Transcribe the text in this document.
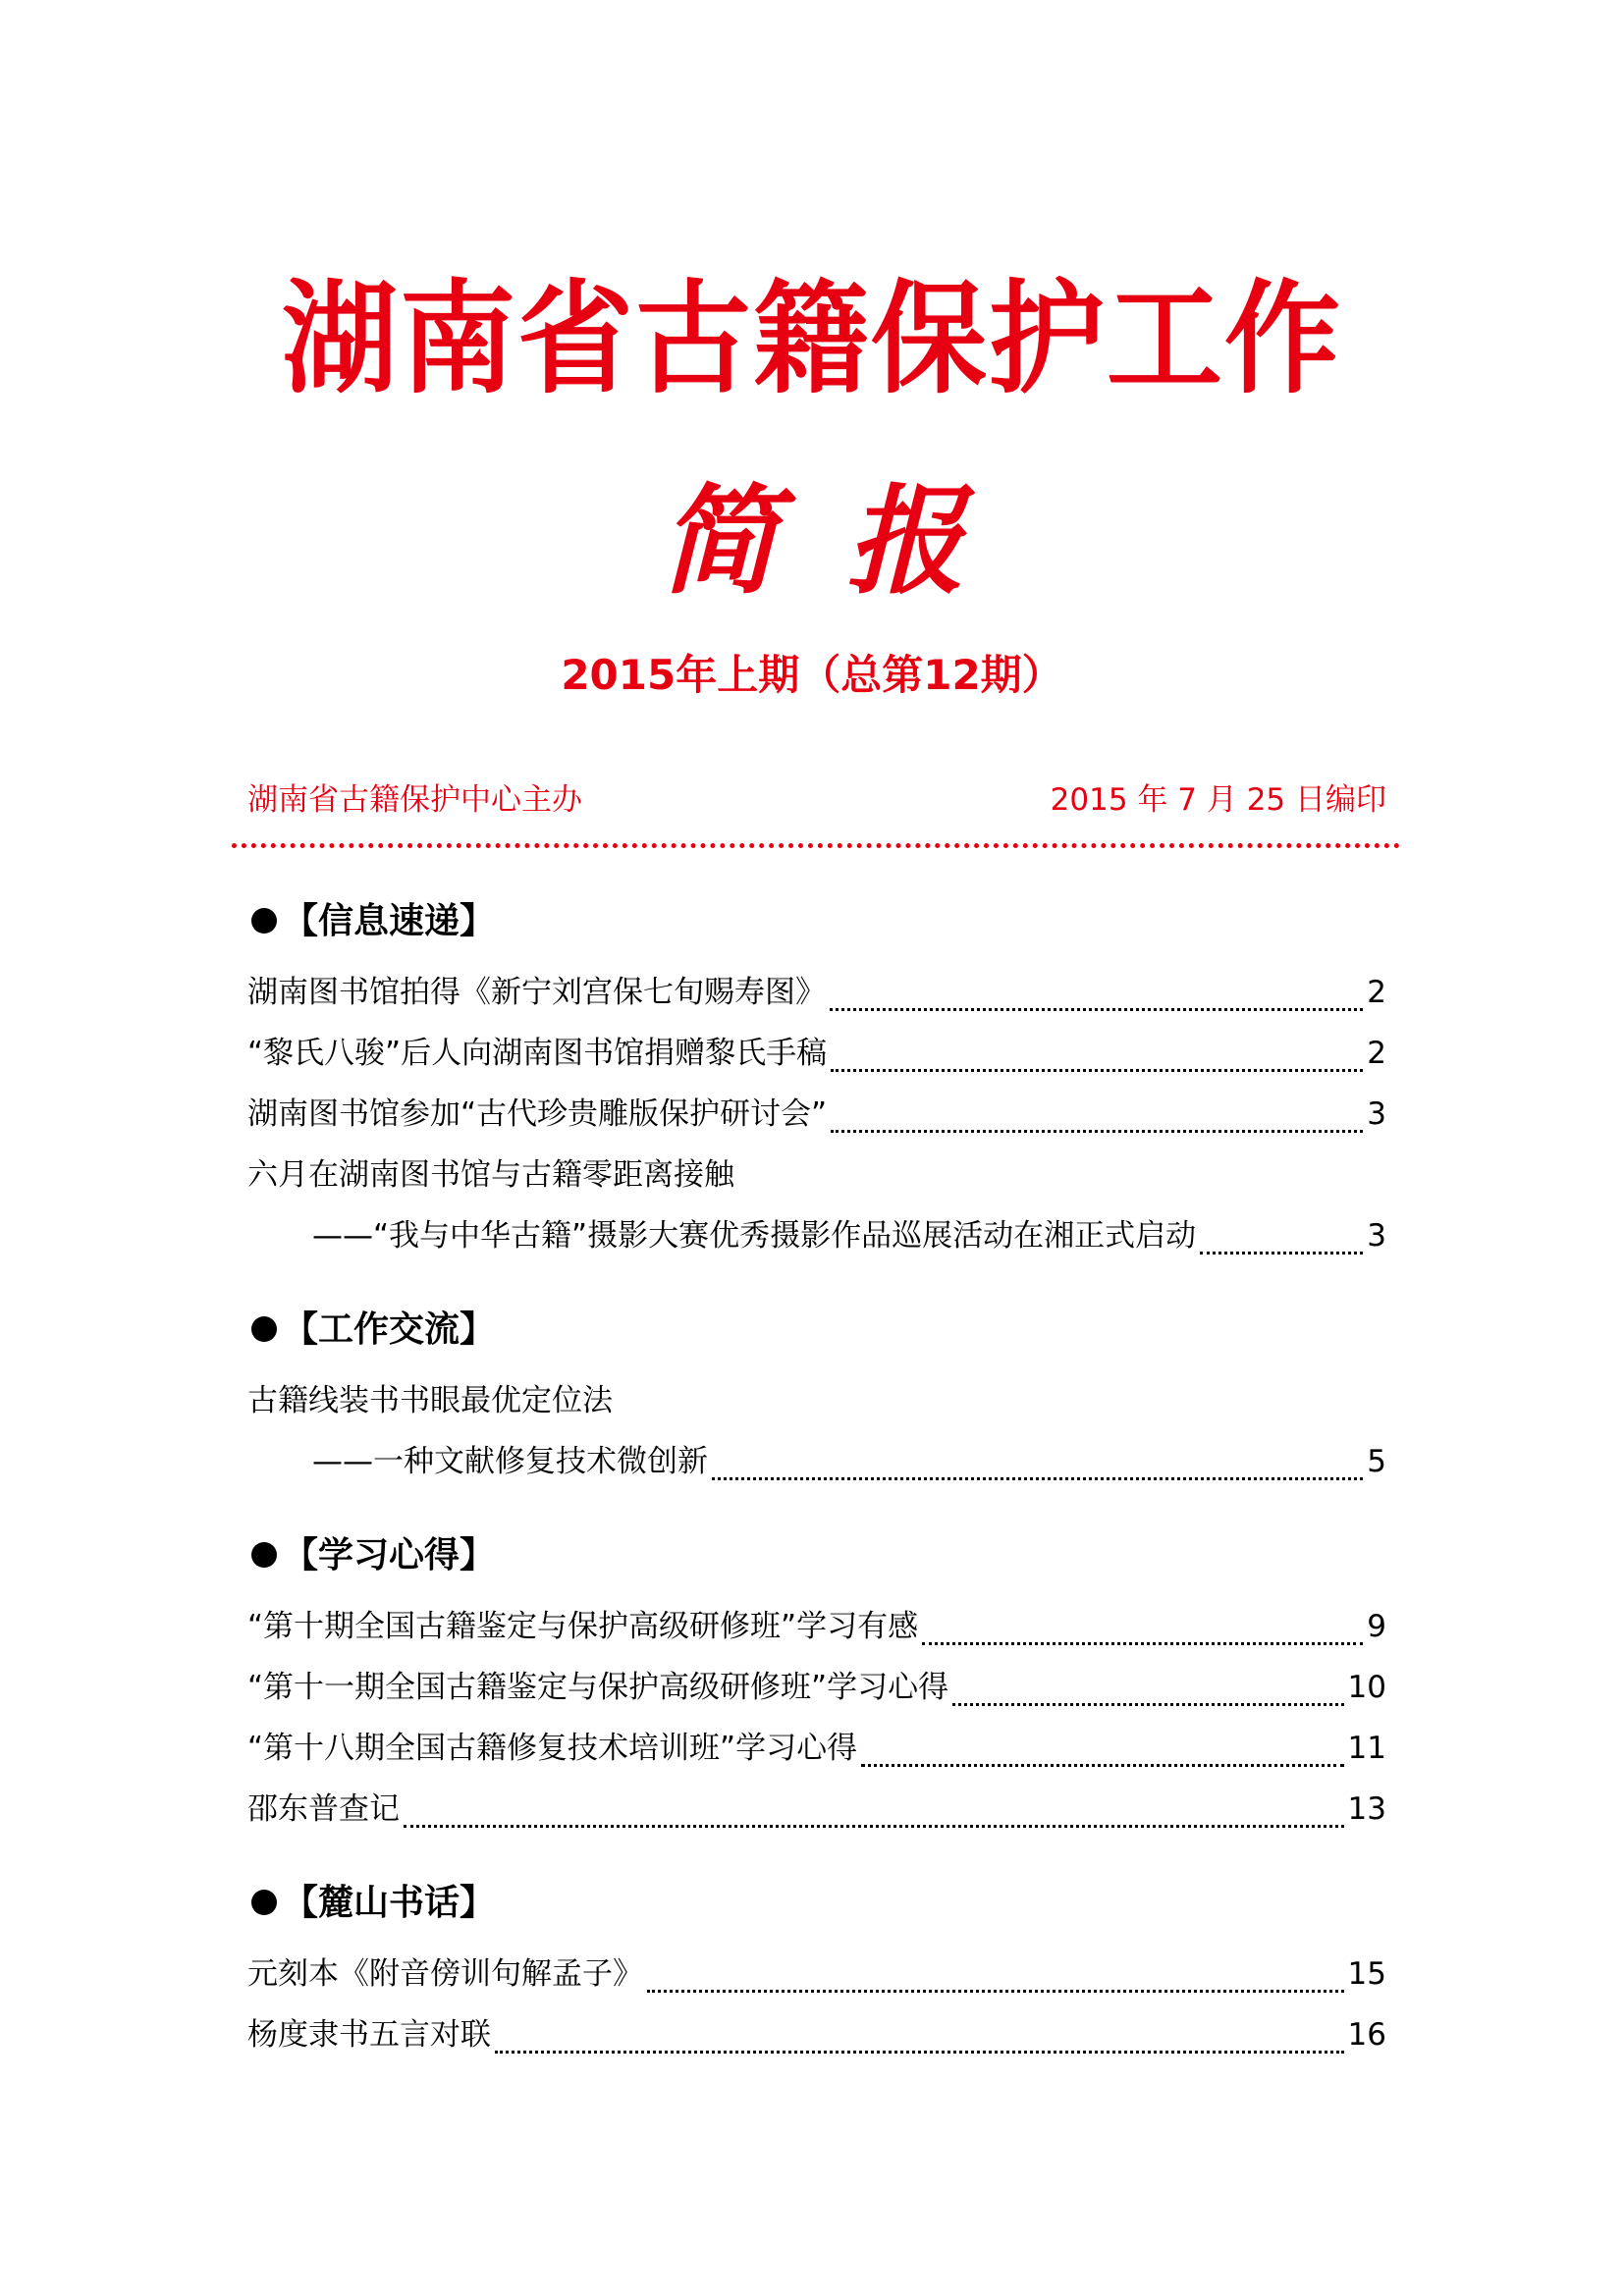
湖南省古籍保护工作
简报
2015年上期（总第12期）
湖南省古籍保护中心主办	2015 年 7 月 25 日编印
【信息速递】
湖南图书馆拍得《新宁刘宫保七旬赐寿图》	2
“黎氏八骏”后人向湖南图书馆捐赠黎氏手稿	2
湖南图书馆参加“古代珍贵雕版保护研讨会”	3
六月在湖南图书馆与古籍零距离接触
——“我与中华古籍”摄影大赛优秀摄影作品巡展活动在湘正式启动	3
【工作交流】
古籍线装书书眼最优定位法
——一种文献修复技术微创新	5
【学习心得】
“第十期全国古籍鉴定与保护高级研修班”学习有感	9
“第十一期全国古籍鉴定与保护高级研修班”学习心得	10
“第十八期全国古籍修复技术培训班”学习心得	11
邵东普查记	13
【麓山书话】
元刻本《附音傍训句解孟子》	15
杨度隶书五言对联	16
